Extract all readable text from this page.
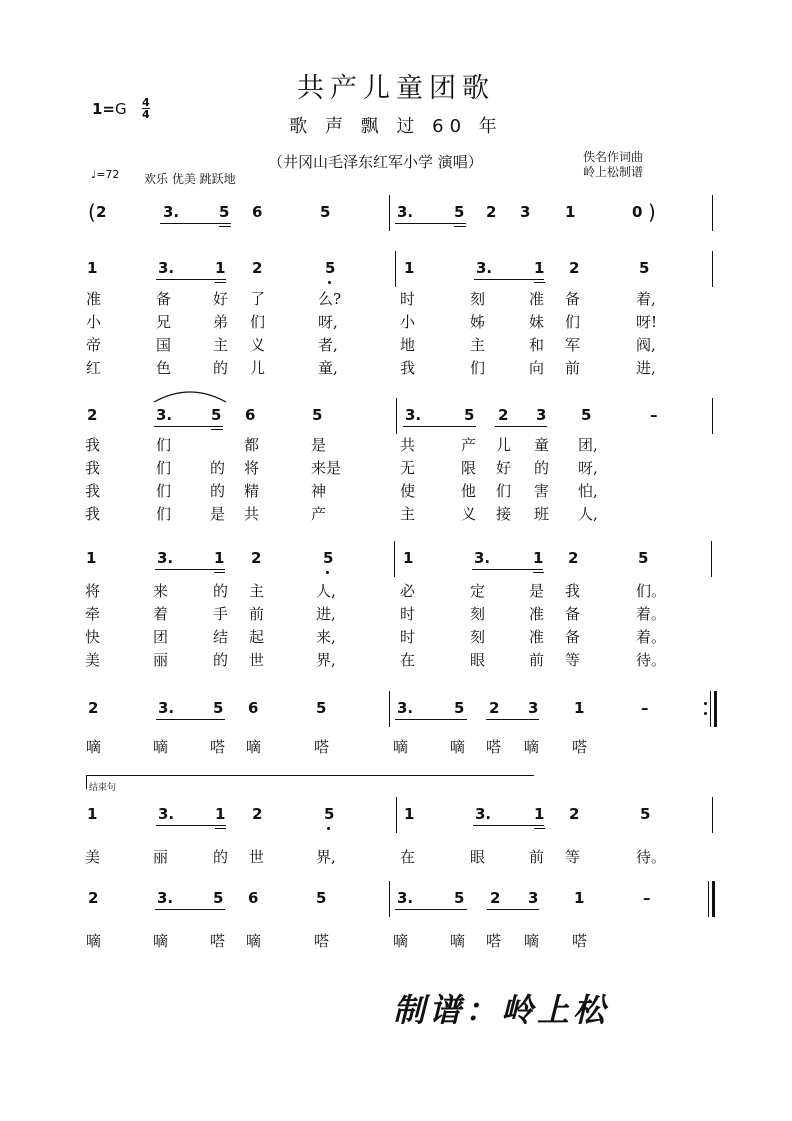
共产儿童团歌
歌 声 飘 过 60 年
（井冈山毛泽东红军小学 演唱）	佚名作词曲
岭上松制谱
1=G 4
4
♩=72 欢乐 优美 跳跃地
( 2	3.	5 6	5	3.	5 2 3 1	0 )
1	3.	1 2	5	1	3.	1 2	5
准	备	好 了	么?	时	刻	准 备	着,
小	兄	弟 们	呀,	小	姊	妹 们	呀!
帝	国	主 义	者,	地	主	和 军	阀,
红	色	的 儿	童,	我	们	向 前	进,
2	3.	5 6	5	3.	5 2 3 5	–
我	们	都	是	共	产 儿 童 团,
我	们	的 将	来是	无	限 好 的 呀,
我	们	的 精	神	使	他 们 害 怕,
我	们	是 共	产	主	义 接 班 人,
1	3.	1 2	5	1	3.	1 2	5
将	来	的 主	人,	必	定	是 我	们。
牵	着	手 前	进,	时	刻	准 备	着。
快	团	结 起	来,	时	刻	准 备	着。
美	丽	的 世	界,	在	眼	前 等	待。
2	3.	5 6	5	3.	5 2 3 1	–
嘀	嘀	嗒 嘀	嗒	嘀	嘀 嗒 嘀 嗒
结束句
1	3.	1 2	5	1	3.	1 2	5
美	丽	的 世	界,	在	眼	前 等	待。
2	3.	5 6	5	3.	5 2 3 1	–
嘀	嘀	嗒 嘀	嗒	嘀	嘀 嗒 嘀 嗒
制谱：岭上松
